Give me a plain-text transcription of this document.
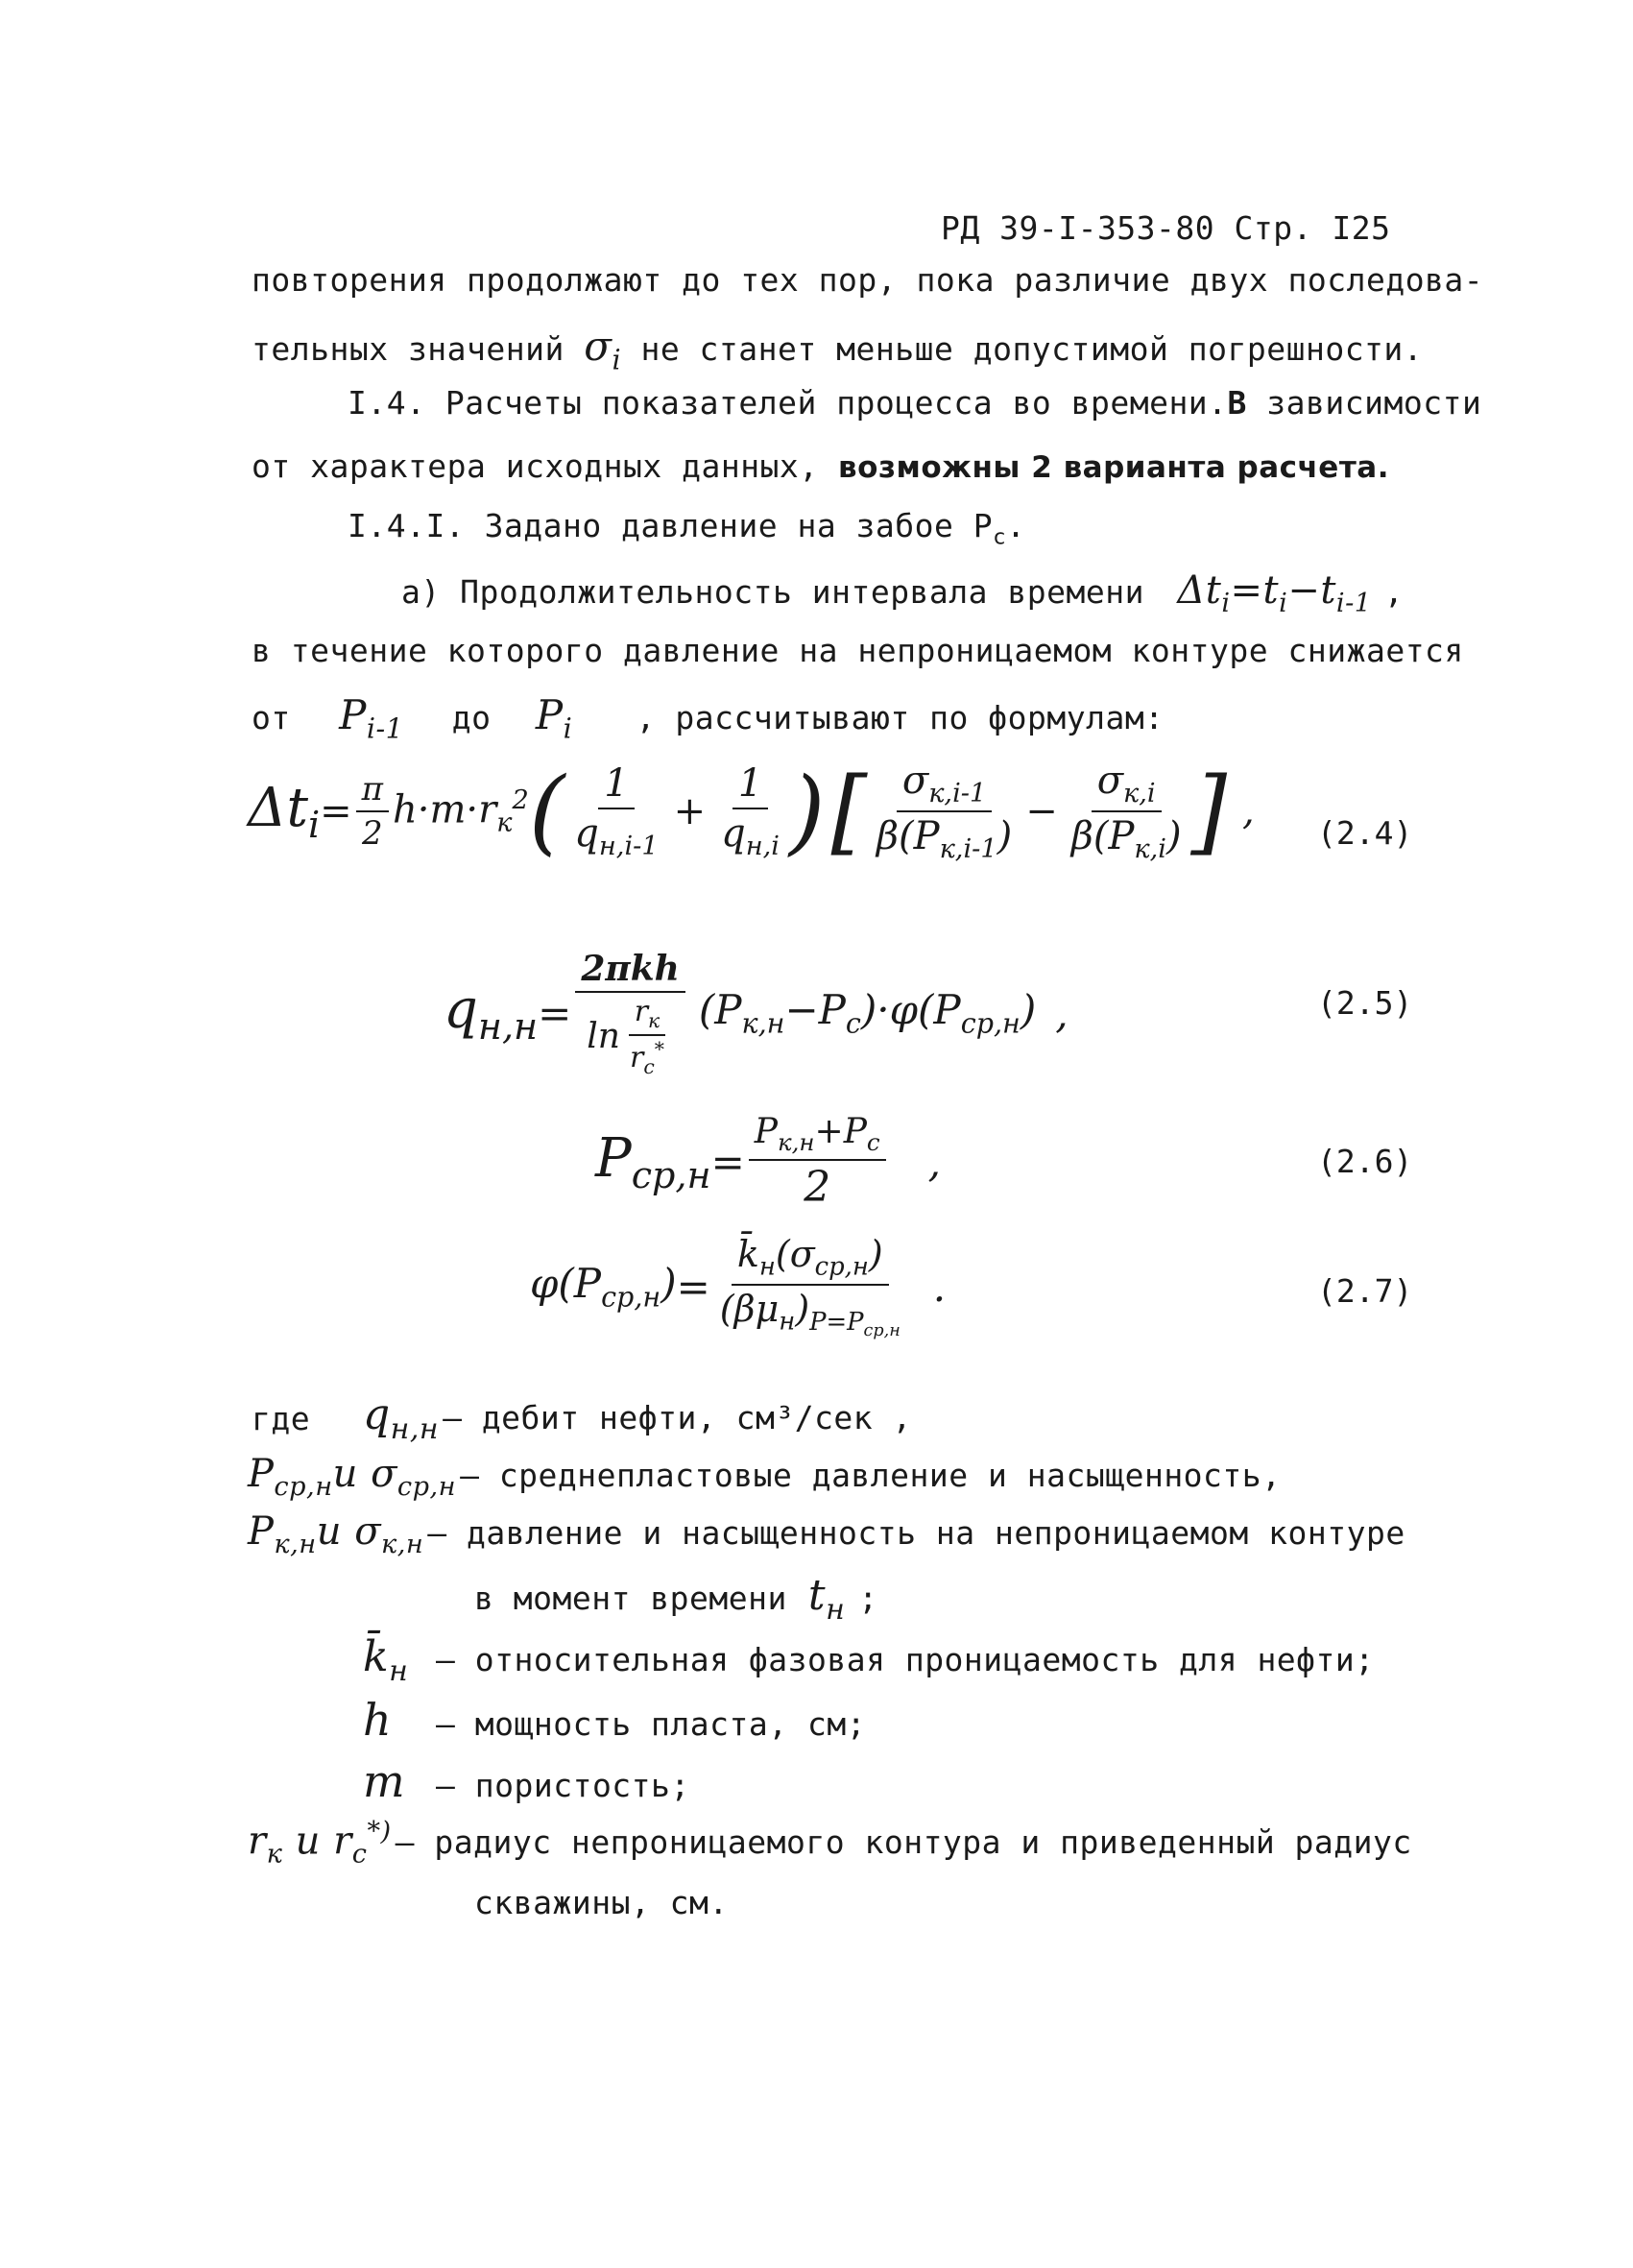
РД 39-I-353-80 Стр. I25
повторения продолжают до тех пор, пока различие двух последова-
тельных значений $\sigma_i$ не станет меньше допустимой погрешности.
I.4. Расчеты показателей процесса во времени.В зависимости
от характера исходных данных, возможны 2 варианта расчета.
I.4.I. Задано давление на забое $P_c$.
а) Продолжительность интервала времени $\Delta t_i=t_i-t_{i-1}$ ,
в течение которого давление на непроницаемом контуре снижается
от $P_{i-1}$ до $P_i$ , рассчитывают по формулам:
$\Delta t_i = \frac{\pi}{2} h\cdot m\cdot r_к^2$ ( $\frac{1}{q_{н,i-1}} + \frac{1}{q_{н,i}}$ ) [ $\frac{\sigma_{к,i-1}}{\beta(P_{к,i-1})} - \frac{\sigma_{к,i}}{\beta(P_{к,i})}$ ] , (2.4)
$q_{н,н} = \frac{\text{2πkh}}{\ln \frac{r_к}{r_c^*}} (P_{к,н}-P_c)\cdot\varphi(P_{ср,н})$ ,	(2.5)
$P_{ср,н} = \frac{P_{к,н}+P_c}{2}$ ,	(2.6)
$\varphi(P_{ср,н}) = \frac{k̄_н(\sigma_{ср,н})}{(\beta\mu_н)_{P=P_{ср,н}}}$ .	(2.7)
где $q_{н,н}$ – дебит нефти, см³/сек ,
$P_{ср,н}и$ $\sigma_{ср,н}$ – среднепластовые давление и насыщенность,
$P_{к,н}и$ $\sigma_{к,н}$ – давление и насыщенность на непроницаемом контуре
в момент времени $t_н$ ;
$k̄_н$ – относительная фазовая проницаемость для нефти;
h	– мощность пласта, см;
m – пористость;
$r_к$ и $r_c^{*)}$ – радиус непроницаемого контура и приведенный радиус
скважины, см.
